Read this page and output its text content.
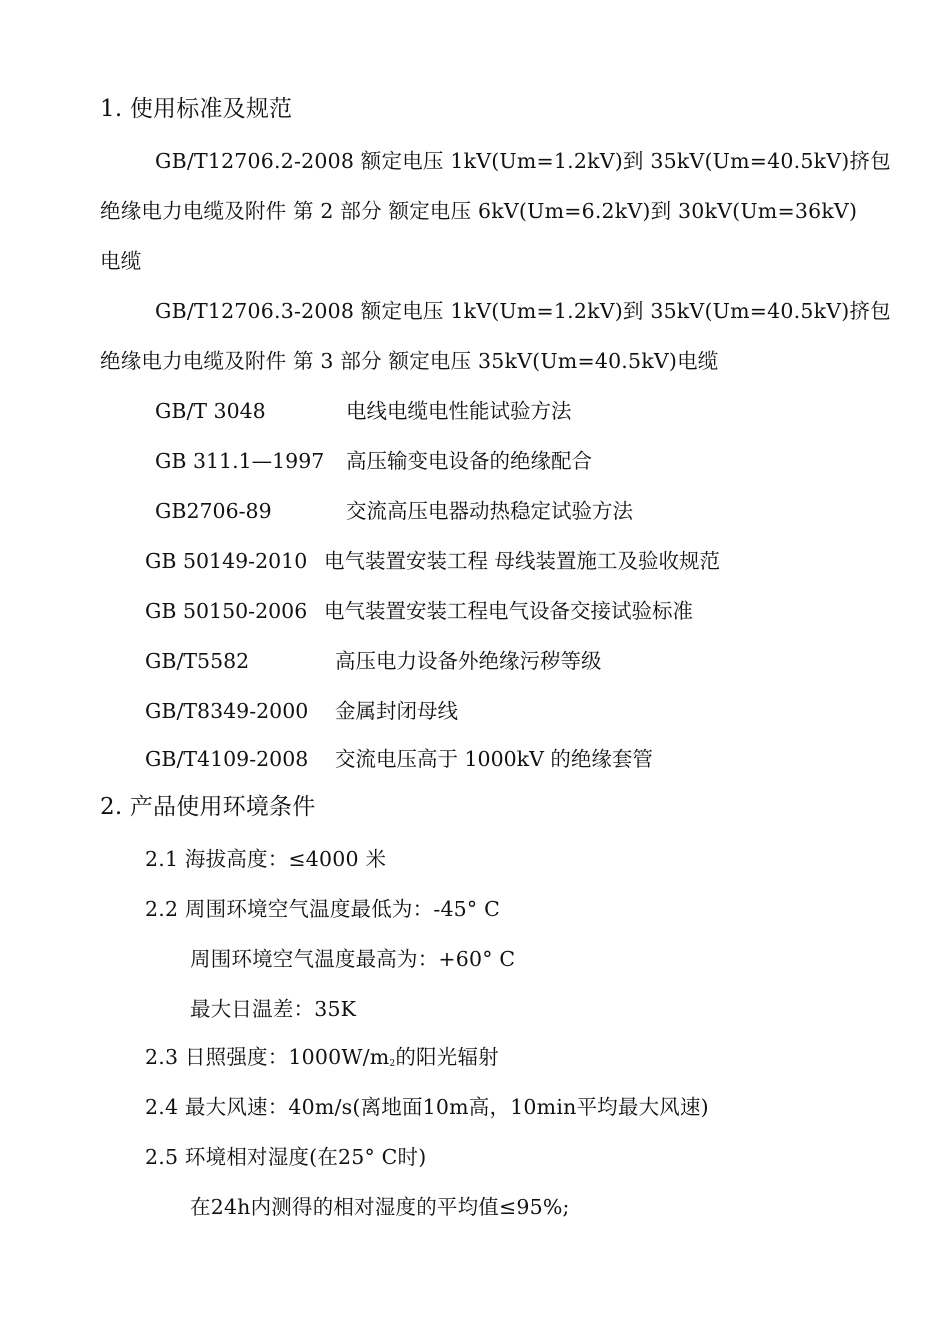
1. 使用标准及规范
GB/T12706.2-2008 额定电压 1kV(Um=1.2kV)到 35kV(Um=40.5kV)挤包
绝缘电力电缆及附件 第 2 部分 额定电压 6kV(Um=6.2kV)到 30kV(Um=36kV)
电缆
GB/T12706.3-2008 额定电压 1kV(Um=1.2kV)到 35kV(Um=40.5kV)挤包
绝缘电力电缆及附件 第 3 部分 额定电压 35kV(Um=40.5kV)电缆
GB/T 3048	电线电缆电性能试验方法
GB 311.1—1997 高压输变电设备的绝缘配合
GB2706-89	交流高压电器动热稳定试验方法
GB 50149-2010 电气装置安装工程 母线装置施工及验收规范
GB 50150-2006 电气装置安装工程电气设备交接试验标准
GB/T5582	高压电力设备外绝缘污秽等级
GB/T8349-2000 金属封闭母线
GB/T4109-2008 交流电压高于 1000kV 的绝缘套管
2. 产品使用环境条件
2.1 海拔高度：≤4000 米
2.2 周围环境空气温度最低为：-45° C
周围环境空气温度最高为：+60° C
最大日温差：35K
2.3 日照强度：$1000W/m_2$的阳光辐射
2.4 最大风速：40m/s(离地面10m高，10min平均最大风速)
2.5 环境相对湿度(在25° C时)
在24h内测得的相对湿度的平均值≤95%;
